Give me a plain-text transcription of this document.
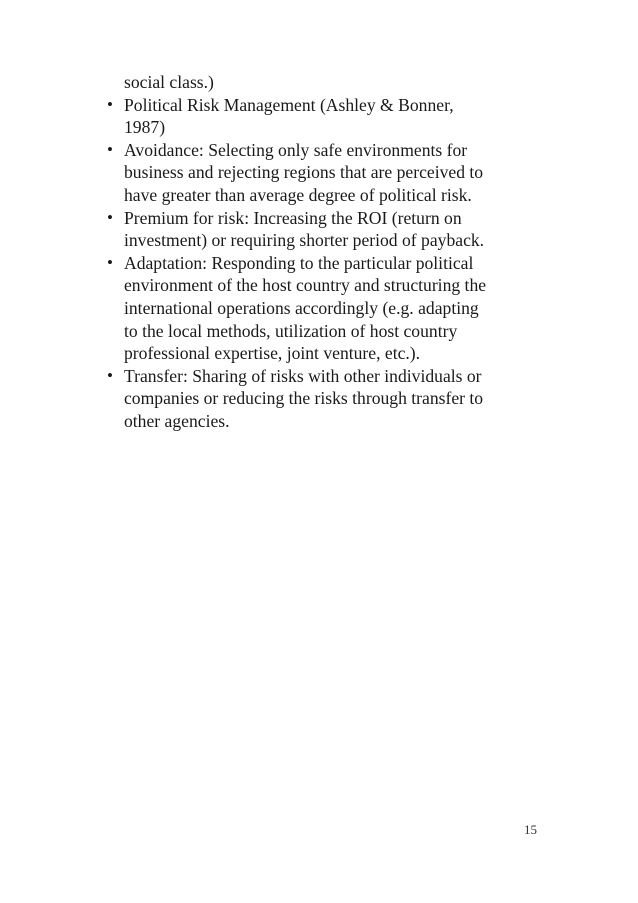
social class.)
• Political Risk Management (Ashley & Bonner,
1987)
• Avoidance: Selecting only safe environments for
business and rejecting regions that are perceived to
have greater than average degree of political risk.
• Premium for risk: Increasing the ROI (return on
investment) or requiring shorter period of payback.
• Adaptation: Responding to the particular political
environment of the host country and structuring the
international operations accordingly (e.g. adapting
to the local methods, utilization of host country
professional expertise, joint venture, etc.).
• Transfer: Sharing of risks with other individuals or
companies or reducing the risks through transfer to
other agencies.
15
